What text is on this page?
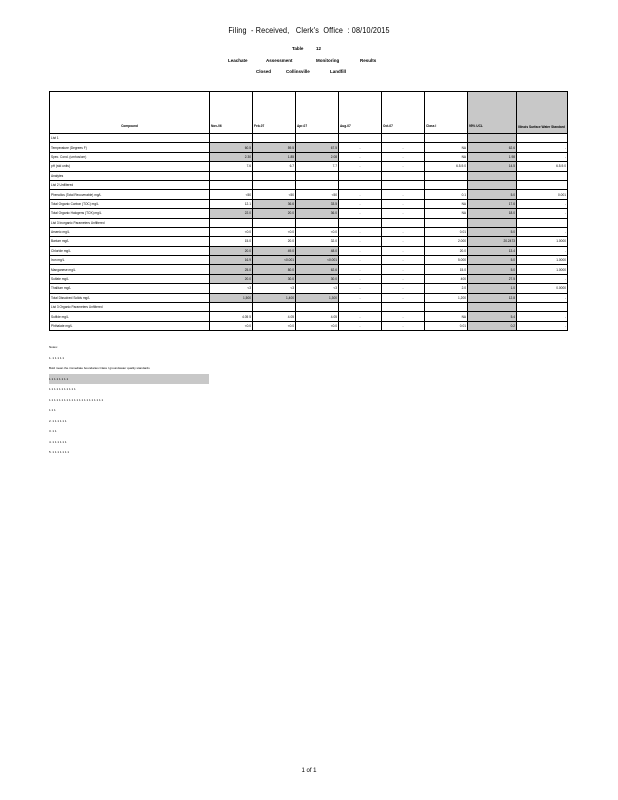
Filing  - Received,   Clerk's  Office  : 08/10/2015
Table	12
Leachate	Assessment	Monitoring	Results
Closed	Collinsville	Landfill
Compound	Nov-06	Feb-07	Apr-07	Aug-07	Oct-07	Class I	95% UCL	Illinois Surface Water Standard
List 1								
Temperature (Degrees F)	60.5	59.5	67.5	-	-	NA	62.6	-
Spec. Cond. (umhos/cm)	2.30	1.85	2.08	-	-	NA	1.98	-
pH (std units)	7.6	6.7	7.7	-	-	6.5-9.0	14.5	6.5-9.0
Analytes								
List 2 Unfiltered								
Phenolics (Total Recoverable) mg/L	<50	<50	<50	-	-	0.1	5.0	0.001
Total Organic Carbon (TOC) mg/L	12.1	36.6	33.5	-	-	NA	17.6	-
Total Organic Halogens (TOX) mg/L	22.0	20.0	36.0	-	-	NA	18.0	-
List 3 Inorganic Parameters Unfiltered								
Arsenic mg/L	<0.0	<0.0	<0.0	-	-	0.01	5.0	-
Barium mg/L	15.0	20.0	32.0	-	-	2.000	20.2473	1.0000
Chloride mg/L	20.0	49.0	48.0	-	-	20.0	13.4	-
Iron mg/L	16.9	<0.001	<0.001	-	-	5.000	5.0	1.0000
Manganese mg/L	25.0	80.0	62.6	-	-	15.0	5.0	1.0000
Sulfate mg/L	20.0	30.0	30.0	-	-	400	27.5	-
Thallium mg/L	<3	<3	<3	-	-	2.0	1.0	0.0000
Total Dissolved Solids mg/L	1,500	1,400	1,300	-	-	1,200	12.8	-
List 3 Organic Parameters Unfiltered								
Sulfide mg/L	4.05 5	4.05	4.05	-	-	NA	5.4	-
Phthalate mg/L	<0.0	<0.0	<0.0	-	-	0.01	0.2	-
Notes:
1. 1 1 1 1 1
Bold mean the immediate boundaries Class I groundwater quality standards
1 1 1 1 1 1 1 1
1 1 1 1 1 1 1 1 1 1 1
1 1 1 1 1 1 1 1 1 1 1 1 1 1 1 1 1 1 1 1 1 1
1 1 1
2. 1 1 1 1 1 1
3. 1 1
4. 1 1 1 1 1 1
5. 1 1 1 1 1 1 1
1 of 1
